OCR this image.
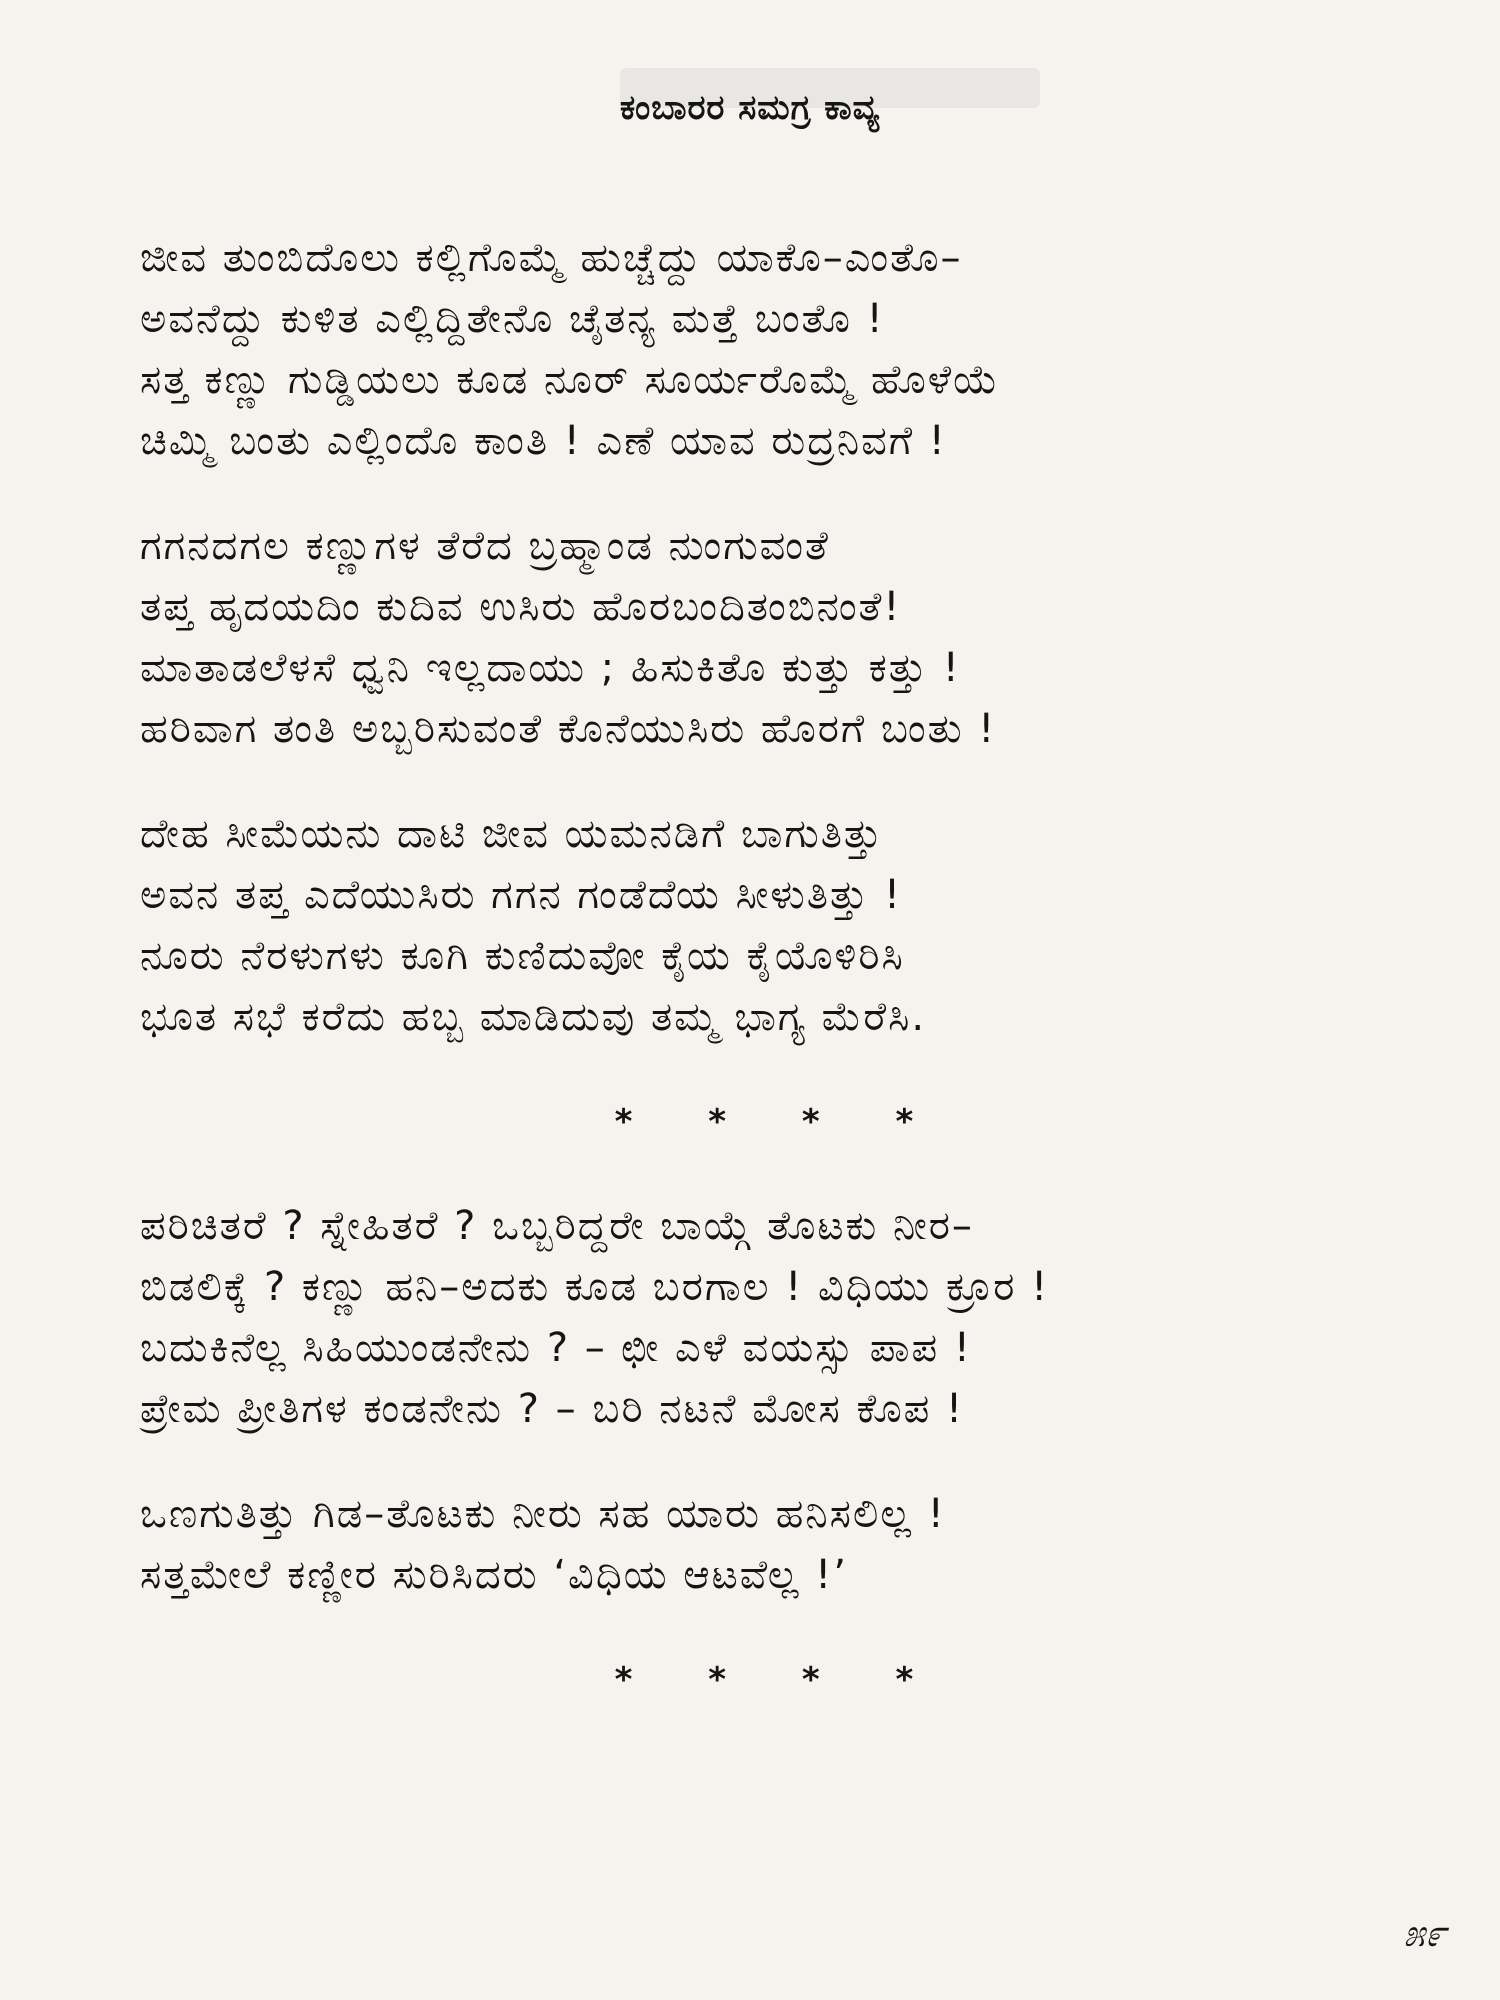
ಕಂಬಾರರ ಸಮಗ್ರ ಕಾವ್ಯ
ಜೀವ ತುಂಬಿದೊಲು ಕಲ್ಲಿಗೊಮ್ಮೆ ಹುಚ್ಚೆದ್ದು ಯಾಕೊ–ಎಂತೊ–
ಅವನೆದ್ದು ಕುಳಿತ ಎಲ್ಲಿದ್ದಿತೇನೊ ಚೈತನ್ಯ ಮತ್ತೆ ಬಂತೊ !
ಸತ್ತ ಕಣ್ಣು ಗುಡ್ಡಿಯಲು ಕೂಡ ನೂರ್ ಸೂರ್ಯರೊಮ್ಮೆ ಹೊಳೆಯೆ
ಚಿಮ್ಮಿ ಬಂತು ಎಲ್ಲಿಂದೊ ಕಾಂತಿ ! ಎಣೆ ಯಾವ ರುದ್ರನಿವಗೆ !
ಗಗನದಗಲ ಕಣ್ಣುಗಳ ತೆರೆದ ಬ್ರಹ್ಮಾಂಡ ನುಂಗುವಂತೆ
ತಪ್ತ ಹೃದಯದಿಂ ಕುದಿವ ಉಸಿರು ಹೊರಬಂದಿತಂಬಿನಂತೆ!
ಮಾತಾಡಲೆಳಸೆ ಧ್ವನಿ ಇಲ್ಲದಾಯು ; ಹಿಸುಕಿತೊ ಕುತ್ತು ಕತ್ತು !
ಹರಿವಾಗ ತಂತಿ ಅಬ್ಬರಿಸುವಂತೆ ಕೊನೆಯುಸಿರು ಹೊರಗೆ ಬಂತು !
ದೇಹ ಸೀಮೆಯನು ದಾಟಿ ಜೀವ ಯಮನಡಿಗೆ ಬಾಗುತಿತ್ತು
ಅವನ ತಪ್ತ ಎದೆಯುಸಿರು ಗಗನ ಗಂಡೆದೆಯ ಸೀಳುತಿತ್ತು !
ನೂರು ನೆರಳುಗಳು ಕೂಗಿ ಕುಣಿದುವೋ ಕೈಯ ಕೈಯೊಳಿರಿಸಿ
ಭೂತ ಸಭೆ ಕರೆದು ಹಬ್ಬ ಮಾಡಿದುವು ತಮ್ಮ ಭಾಗ್ಯ ಮೆರೆಸಿ.
* * * *
ಪರಿಚಿತರೆ ? ಸ್ನೇಹಿತರೆ ? ಒಬ್ಬರಿದ್ದರೇ ಬಾಯ್ಗೆ ತೊಟಕು ನೀರ–
ಬಿಡಲಿಕ್ಕೆ ? ಕಣ್ಣು ಹನಿ–ಅದಕು ಕೂಡ ಬರಗಾಲ ! ವಿಧಿಯು ಕ್ರೂರ !
ಬದುಕಿನೆಲ್ಲ ಸಿಹಿಯುಂಡನೇನು ? – ಛೀ ಎಳೆ ವಯಸ್ಸು ಪಾಪ !
ಪ್ರೇಮ ಪ್ರೀತಿಗಳ ಕಂಡನೇನು ? – ಬರಿ ನಟನೆ ಮೋಸ ಕೊಪ !
ಒಣಗುತಿತ್ತು ಗಿಡ–ತೊಟಕು ನೀರು ಸಹ ಯಾರು ಹನಿಸಲಿಲ್ಲ !
ಸತ್ತಮೇಲೆ ಕಣ್ಣೀರ ಸುರಿಸಿದರು ‘ವಿಧಿಯ ಆಟವೆಲ್ಲ !’
* * * *
೫೯
